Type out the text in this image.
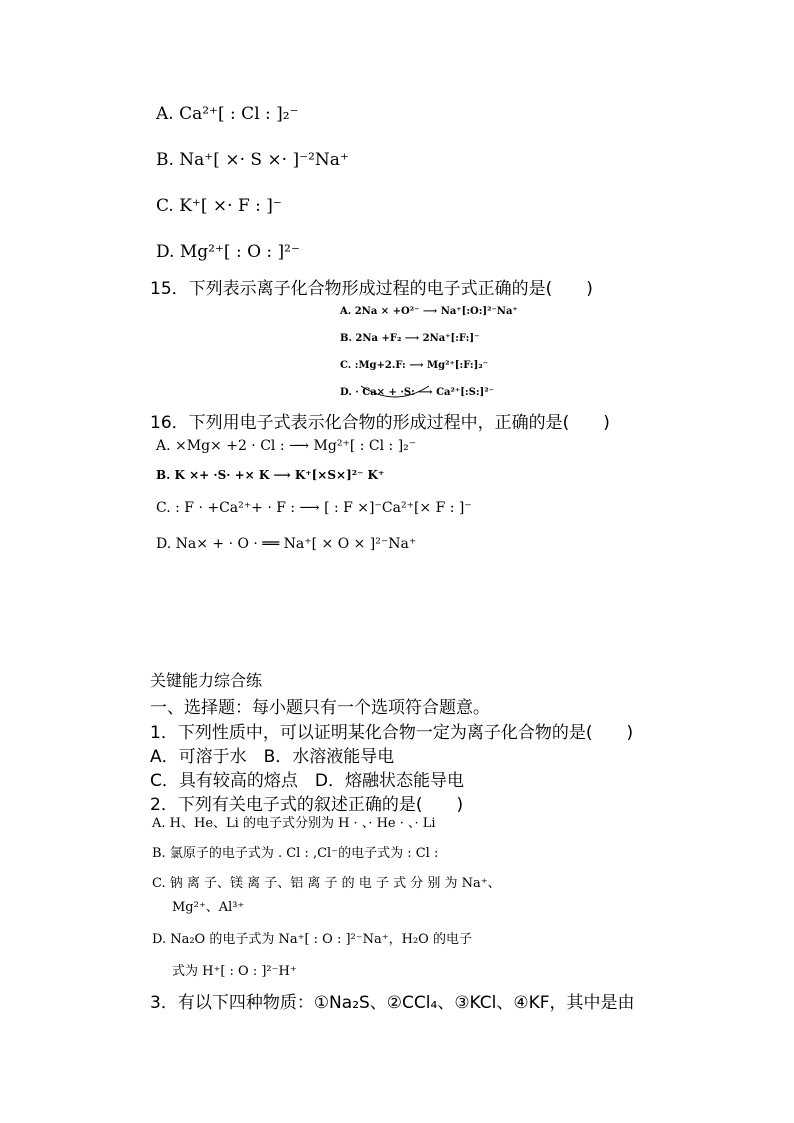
A. Ca²⁺[ : Cl : ]₂⁻
B. Na⁺[ ×· S ×· ]⁻²Na⁺
C. K⁺[ ×· F : ]⁻
D. Mg²⁺[ : O : ]²⁻
15．下列表示离子化合物形成过程的电子式正确的是(　　)
A. 2Na × +O²⁻ ⟶ Na⁺[:O:]²⁻Na⁺
B. 2Na +F₂ ⟶ 2Na⁺[:F:]⁻
C. :Mg+2.F: ⟶ Mg²⁺[:F:]₂⁻
D. · Ca× + ·S: ⟶ Ca²⁺[:S:]²⁻
16．下列用电子式表示化合物的形成过程中，正确的是(　　)
A. ×Mg× +2 · Cl : ⟶ Mg²⁺[ : Cl : ]₂⁻
B. K ×+ ·S· +× K ⟶ K⁺[×S×]²⁻ K⁺
C. : F · +Ca²⁺+ · F : ⟶ [ : F ×]⁻Ca²⁺[× F : ]⁻
D. Na× + · O · ══ Na⁺[ × O × ]²⁻Na⁺
关键能力综合练
一、选择题：每小题只有一个选项符合题意。
1．下列性质中，可以证明某化合物一定为离子化合物的是(　　)
A．可溶于水　B．水溶液能导电
C．具有较高的熔点　D．熔融状态能导电
2．下列有关电子式的叙述正确的是(　　)
A. H、He、Li 的电子式分别为 H · 、· He · 、· Li
B. 氯原子的电子式为 . Cl : ,Cl⁻的电子式为 : Cl :
C. 钠 离 子、镁 离 子、铝 离 子 的 电 子 式 分 别 为 Na⁺、
Mg²⁺、Al³⁺
D. Na₂O 的电子式为 Na⁺[ : O : ]²⁻Na⁺，H₂O 的电子
式为 H⁺[ : O : ]²⁻H⁺
3．有以下四种物质：①Na₂S、②CCl₄、③KCl、④KF，其中是由
